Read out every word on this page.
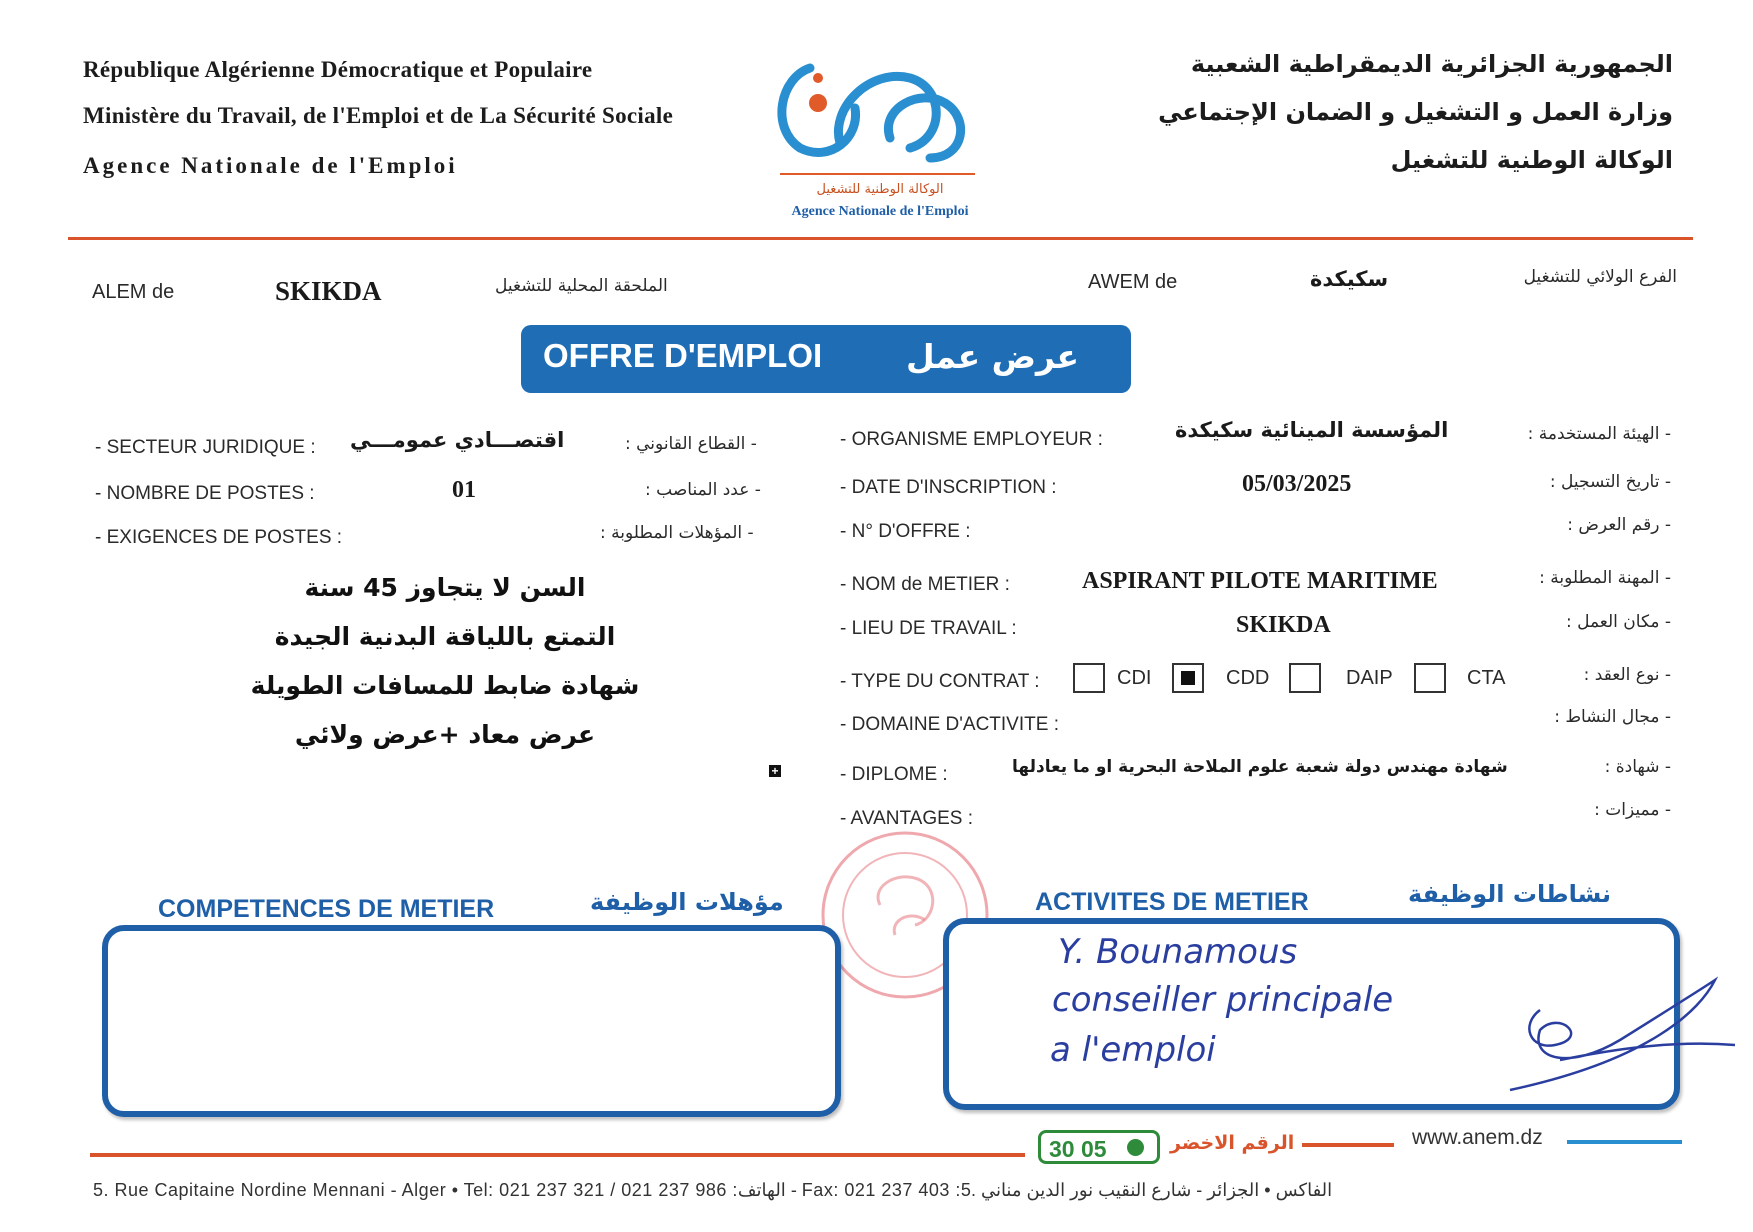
République Algérienne Démocratique et Populaire
Ministère du Travail, de l'Emploi et de La Sécurité Sociale
Agence Nationale de l'Emploi
الوكالة الوطنية للتشغيل
Agence Nationale de l'Emploi
الجمهورية الجزائرية الديمقراطية الشعبية
وزارة العمل و التشغيل و الضمان الإجتماعي
الوكالة الوطنية للتشغيل
ALEM de	SKIKDA	الملحقة المحلية للتشغيل	AWEM de	سكيكدة	الفرع الولائي للتشغيل
OFFRE D'EMPLOI	عرض عمل
- SECTEUR JURIDIQUE : اقتصـــادي عمومـــي	- القطاع القانوني :
- NOMBRE DE POSTES :	01	- عدد المناصب :
- EXIGENCES DE POSTES :	- المؤهلات المطلوبة :
السن لا يتجاوز 45 سنة
التمتع باللياقة البدنية الجيدة
شهادة ضابط للمسافات الطويلة
عرض معاد +عرض ولائي
+
- ORGANISME EMPLOYEUR :	المؤسسة المينائية سكيكدة	- الهيئة المستخدمة :
- DATE D'INSCRIPTION :	05/03/2025	- تاريخ التسجيل :
- N° D'OFFRE :	- رقم العرض :
- NOM de METIER :	ASPIRANT PILOTE MARITIME	- المهنة المطلوبة :
- LIEU DE TRAVAIL :	SKIKDA	- مكان العمل :
- TYPE DU CONTRAT :	CDI	CDD	DAIP	CTA	- نوع العقد :
- DOMAINE D'ACTIVITE :	- مجال النشاط :
- DIPLOME :	شهادة مهندس دولة شعبة علوم الملاحة البحرية او ما يعادلها	- شهادة :
- AVANTAGES :	- مميزات :
COMPETENCES DE METIER	مؤهلات الوظيفة	ACTIVITES DE METIER	نشاطات الوظيفة
Y. Bounamous
conseiller principale
a l'emploi
30 05	الرقم الاخضر	www.anem.dz
5. Rue Capitaine Nordine Mennani - Alger • Tel: 021 237 321 / 021 237 986 :الهاتف - Fax: 021 237 403 :الفاكس • الجزائر - شارع النقيب نور الدين مناني .5
